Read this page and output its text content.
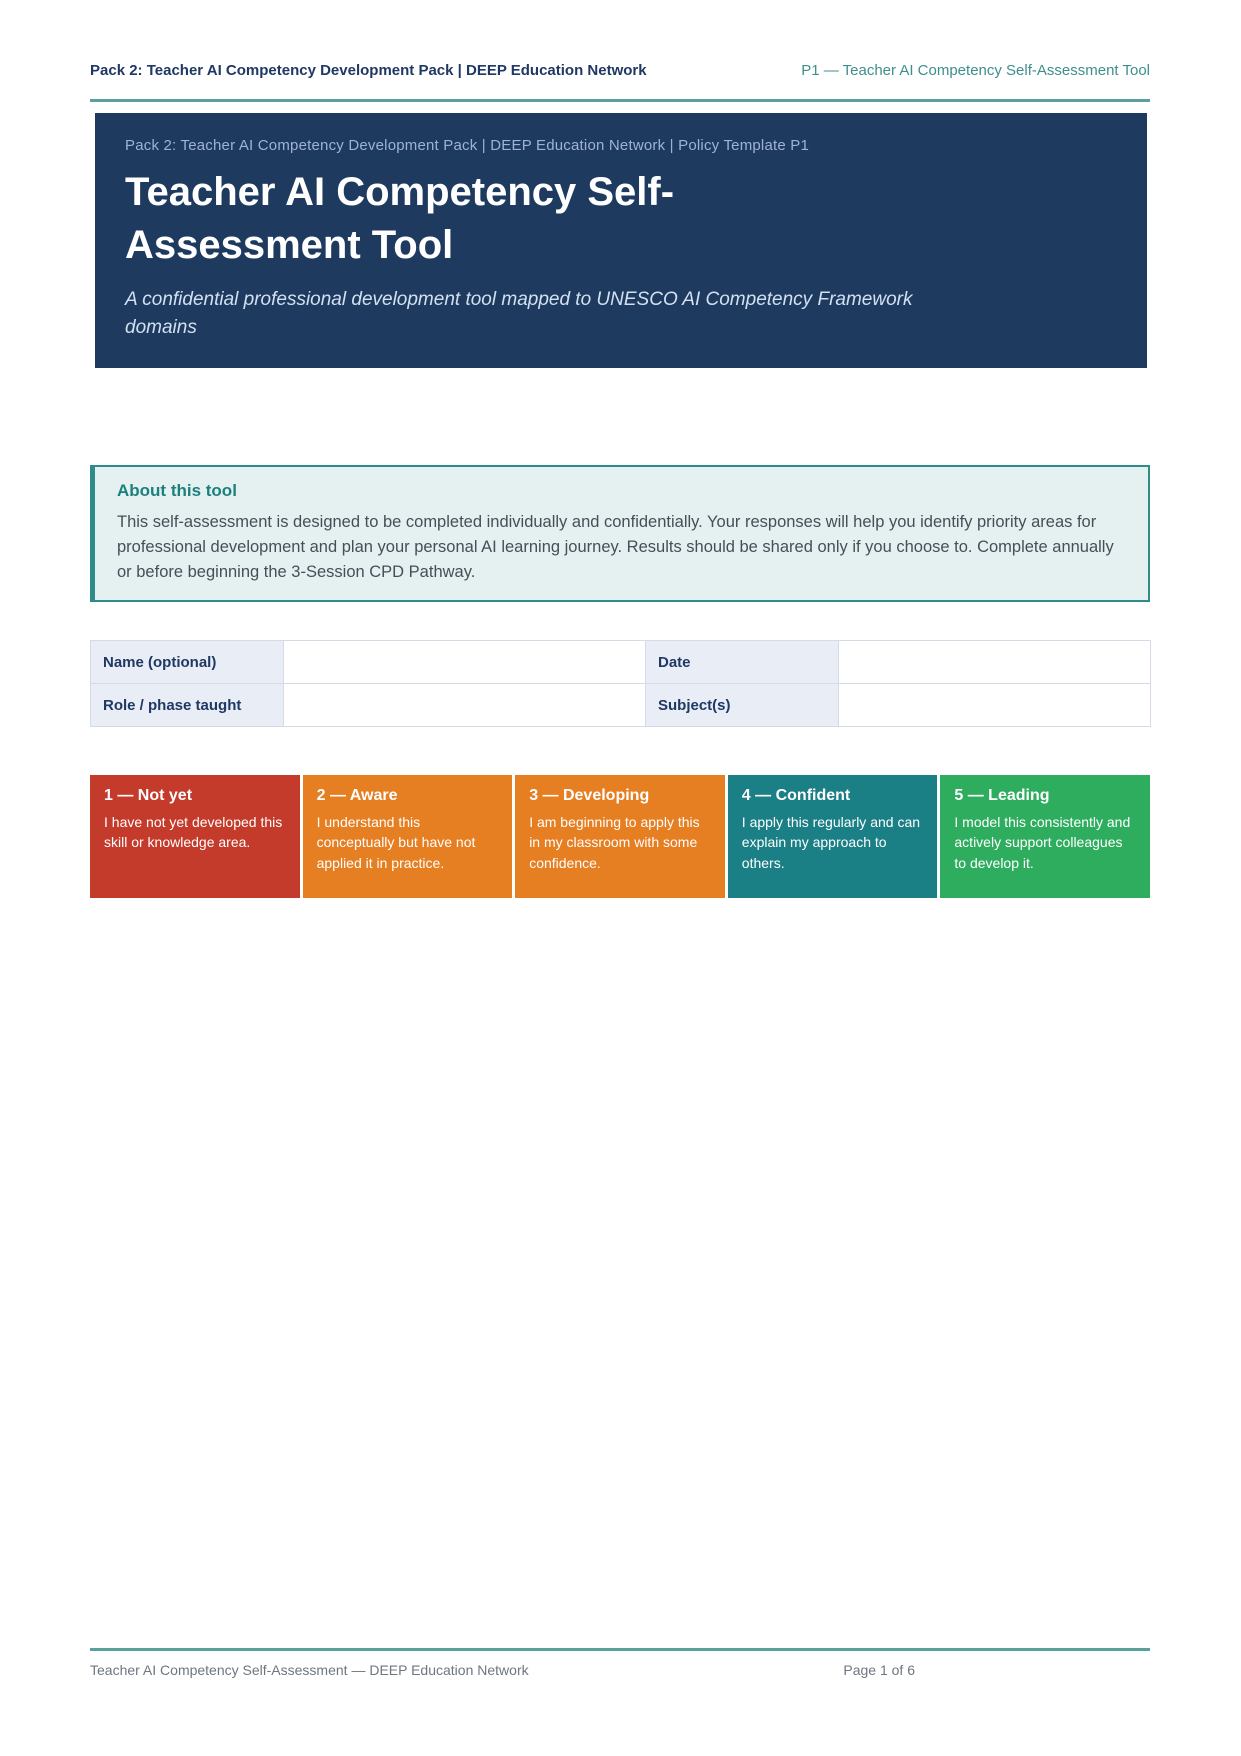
Pack 2: Teacher AI Competency Development Pack | DEEP Education Network	P1 — Teacher AI Competency Self-Assessment Tool
Pack 2: Teacher AI Competency Development Pack | DEEP Education Network | Policy Template P1
Teacher AI Competency Self-Assessment Tool

A confidential professional development tool mapped to UNESCO AI Competency Framework domains

About this tool

This self-assessment is designed to be completed individually and confidentially. Your responses will help you identify priority areas for professional development and plan your personal AI learning journey. Results should be shared only if you choose to. Complete annually or before beginning the 3-Session CPD Pathway.

Name (optional)		Date	
Role / phase taught		Subject(s)	
1 — Not yet
I have not yet developed this skill or knowledge area.
2 — Aware
I understand this conceptually but have not applied it in practice.
3 — Developing
I am beginning to apply this in my classroom with some confidence.
4 — Confident
I apply this regularly and can explain my approach to others.
5 — Leading
I model this consistently and actively support colleagues to develop it.
Teacher AI Competency Self-Assessment — DEEP Education Network	Page 1 of 6
